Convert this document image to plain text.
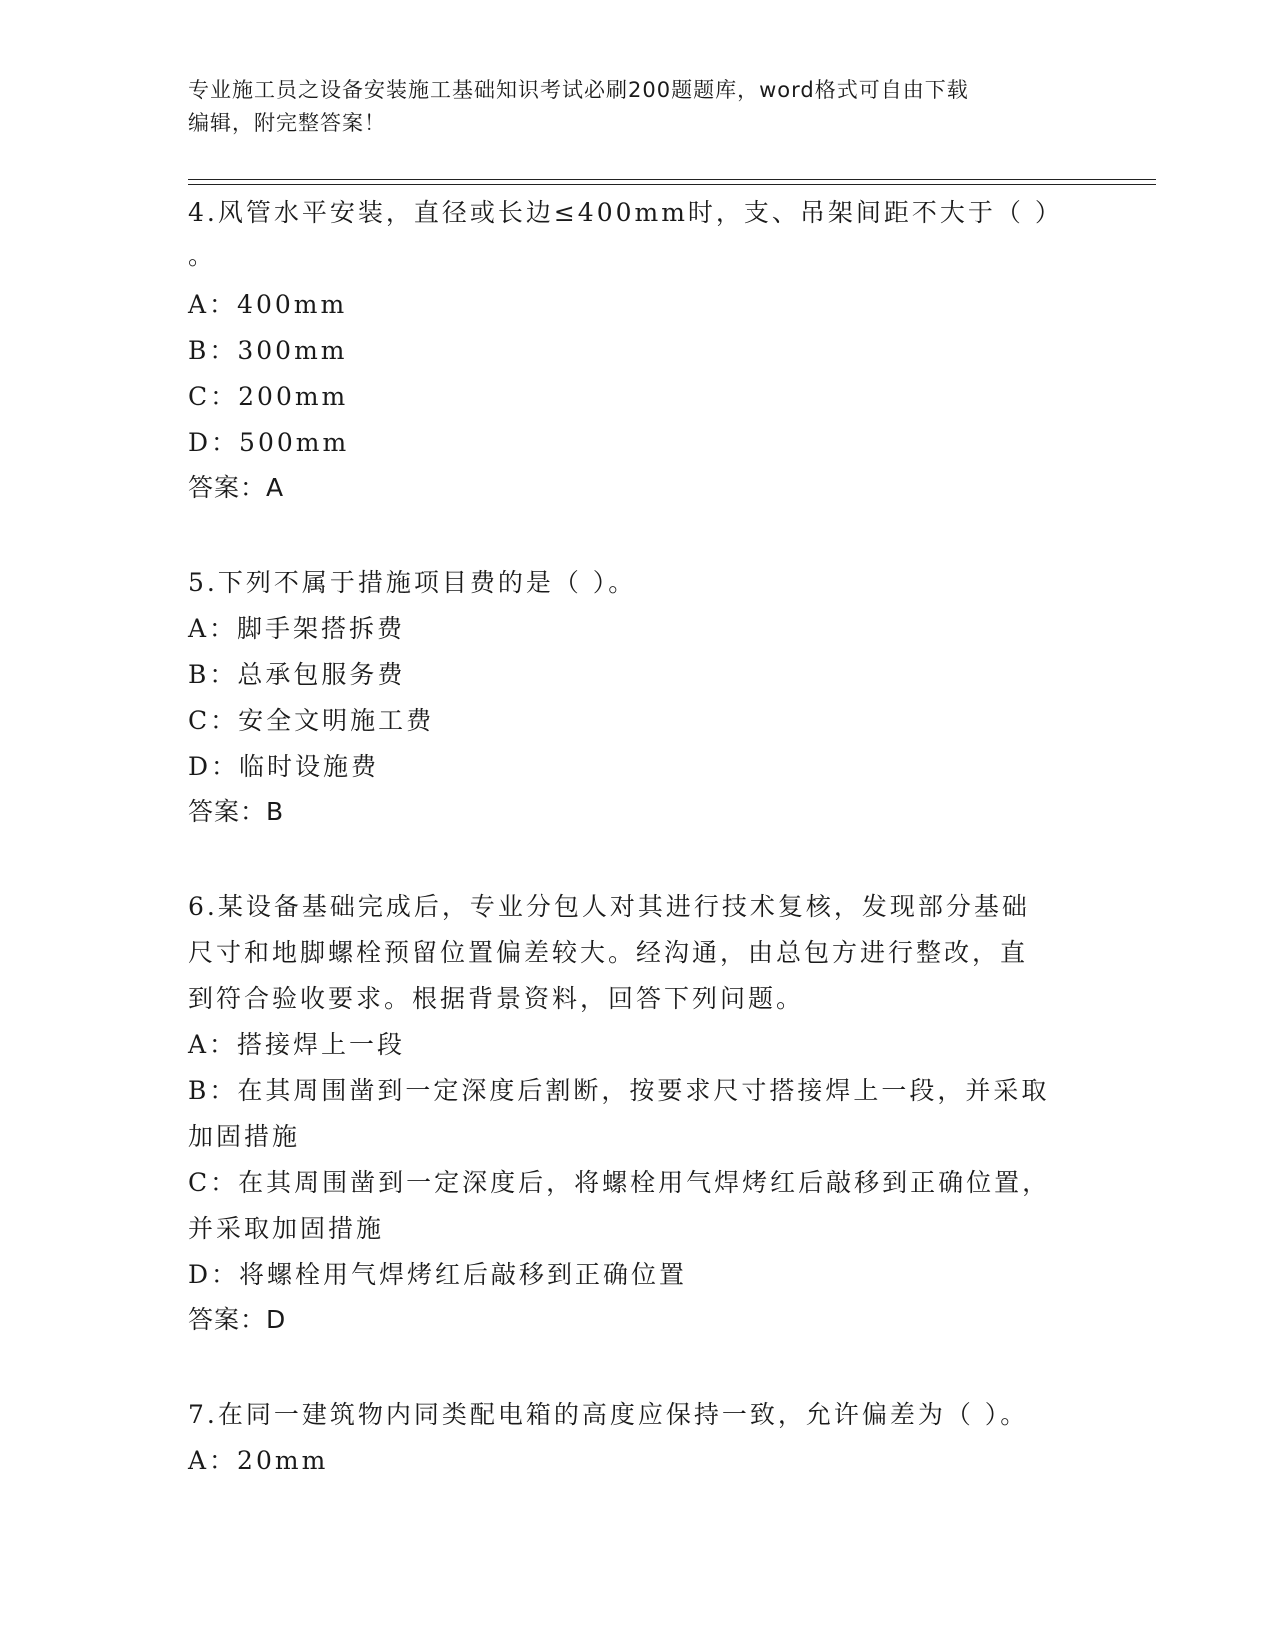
专业施工员之设备安装施工基础知识考试必刷200题题库，word格式可自由下载
编辑，附完整答案！
4.风管水平安装，直径或长边≤400mm时，支、吊架间距不大于（ ）
。
A：400mm
B：300mm
C：200mm
D：500mm
答案：A
5.下列不属于措施项目费的是（ ）。
A：脚手架搭拆费
B：总承包服务费
C：安全文明施工费
D：临时设施费
答案：B
6.某设备基础完成后，专业分包人对其进行技术复核，发现部分基础
尺寸和地脚螺栓预留位置偏差较大。经沟通，由总包方进行整改，直
到符合验收要求。根据背景资料，回答下列问题。
A：搭接焊上一段
B：在其周围凿到一定深度后割断，按要求尺寸搭接焊上一段，并采取
加固措施
C：在其周围凿到一定深度后，将螺栓用气焊烤红后敲移到正确位置，
并采取加固措施
D：将螺栓用气焊烤红后敲移到正确位置
答案：D
7.在同一建筑物内同类配电箱的高度应保持一致，允许偏差为（ ）。
A：20mm
